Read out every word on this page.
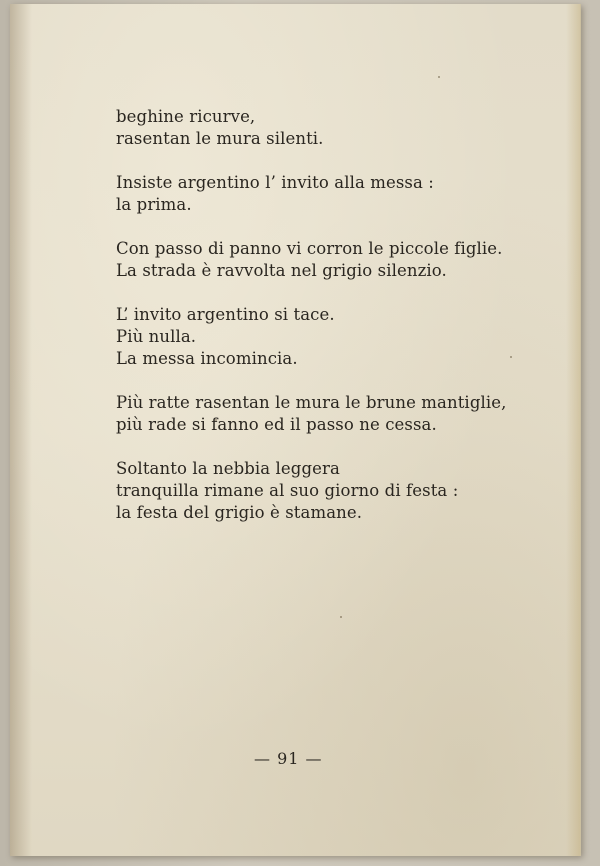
beghine ricurve,
rasentan le mura silenti.
Insiste argentino l’ invito alla messa :
la prima.
Con passo di panno vi corron le piccole figlie.
La strada è ravvolta nel grigio silenzio.
L’ invito argentino si tace.
Più nulla.
La messa incomincia.
Più ratte rasentan le mura le brune mantiglie,
più rade si fanno ed il passo ne cessa.
Soltanto la nebbia leggera
tranquilla rimane al suo giorno di festa :
la festa del grigio è stamane.
— 91 —
